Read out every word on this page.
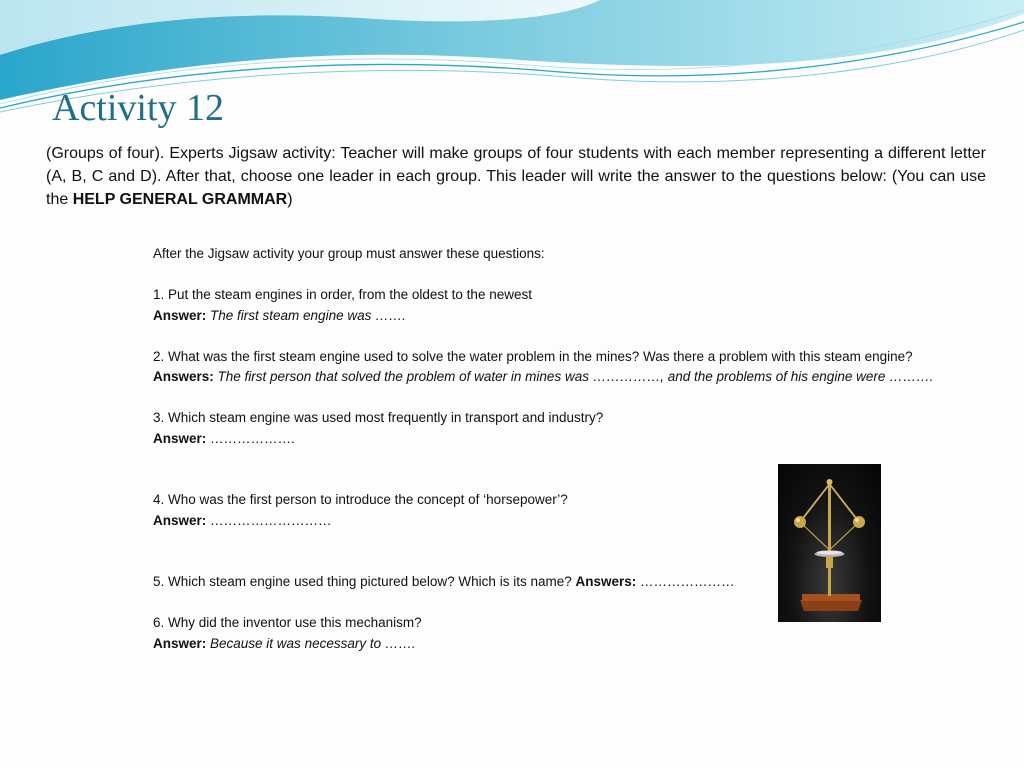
Activity 12

(Groups of four). Experts Jigsaw activity: Teacher will make groups of four students with each member representing a different letter (A, B, C and D). After that, choose one leader in each group. This leader will write the answer to the questions below: (You can use the HELP GENERAL GRAMMAR)

After the Jigsaw activity your group must answer these questions:

1. Put the steam engines in order, from the oldest to the newest

Answer: The first steam engine was …….

2. What was the first steam engine used to solve the water problem in the mines? Was there a problem with this steam engine?

Answers: The first person that solved the problem of water in mines was ……………, and the problems of his engine were ……….

3. Which steam engine was used most frequently in transport and industry?

Answer: ……………….

4. Who was the first person to introduce the concept of ‘horsepower’?

Answer: ………………………

5. Which steam engine used thing pictured below? Which is its name? Answers: …………………

6. Why did the inventor use this mechanism?

Answer: Because it was necessary to …….
